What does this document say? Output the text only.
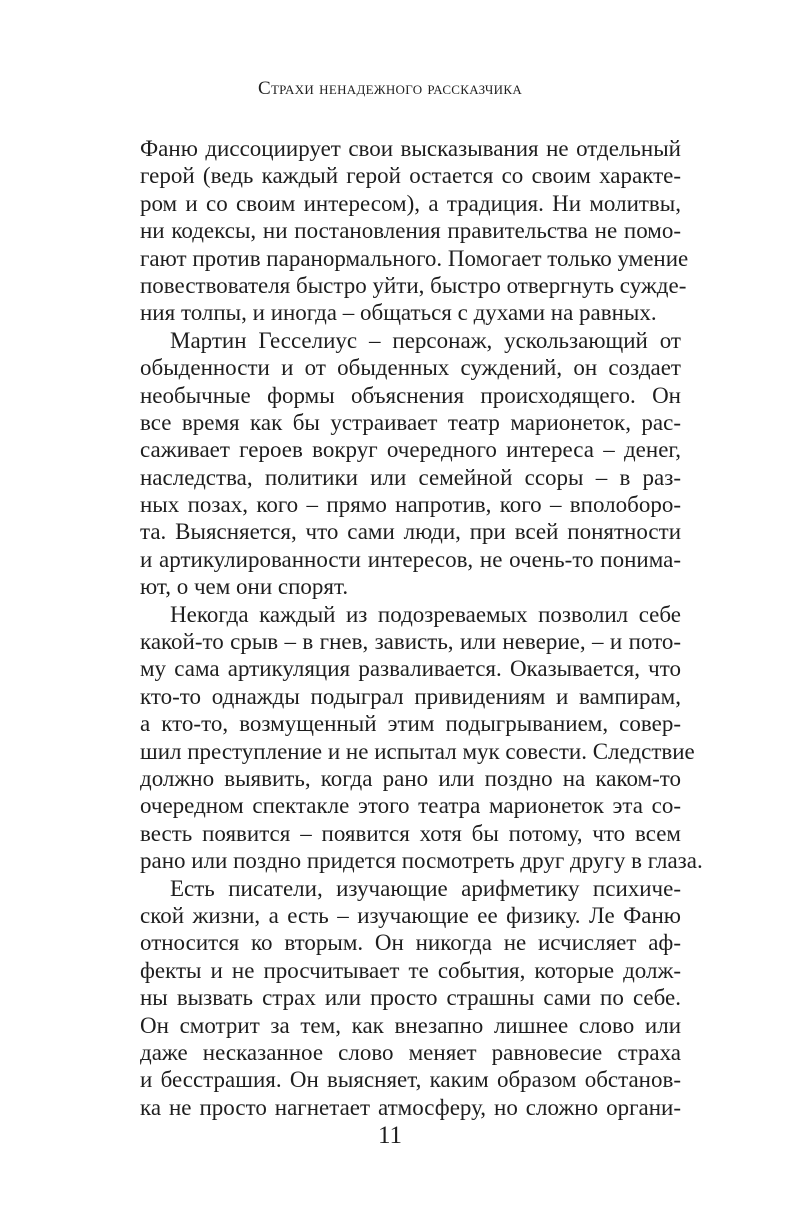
Страхи ненадежного рассказчика
Фаню диссоциирует свои высказывания не отдельный
герой (ведь каждый герой остается со своим характе-
ром и со своим интересом), а традиция. Ни молитвы,
ни кодексы, ни постановления правительства не помо-
гают против паранормального. Помогает только умение
повествователя быстро уйти, быстро отвергнуть сужде-
ния толпы, и иногда – общаться с духами на равных.
Мартин Гесселиус – персонаж, ускользающий от
обыденности и от обыденных суждений, он создает
необычные формы объяснения происходящего. Он
все время как бы устраивает театр марионеток, рас-
саживает героев вокруг очередного интереса – денег,
наследства, политики или семейной ссоры – в раз-
ных позах, кого – прямо напротив, кого – вполоборо-
та. Выясняется, что сами люди, при всей понятности
и артикулированности интересов, не очень-то понима-
ют, о чем они спорят.
Некогда каждый из подозреваемых позволил себе
какой-то срыв – в гнев, зависть, или неверие, – и пото-
му сама артикуляция разваливается. Оказывается, что
кто-то однажды подыграл привидениям и вампирам,
а кто-то, возмущенный этим подыгрыванием, совер-
шил преступление и не испытал мук совести. Следствие
должно выявить, когда рано или поздно на каком-то
очередном спектакле этого театра марионеток эта со-
весть появится – появится хотя бы потому, что всем
рано или поздно придется посмотреть друг другу в глаза.
Есть писатели, изучающие арифметику психиче-
ской жизни, а есть – изучающие ее физику. Ле Фаню
относится ко вторым. Он никогда не исчисляет аф-
фекты и не просчитывает те события, которые долж-
ны вызвать страх или просто страшны сами по себе.
Он смотрит за тем, как внезапно лишнее слово или
даже несказанное слово меняет равновесие страха
и бесстрашия. Он выясняет, каким образом обстанов-
ка не просто нагнетает атмосферу, но сложно органи-
11
